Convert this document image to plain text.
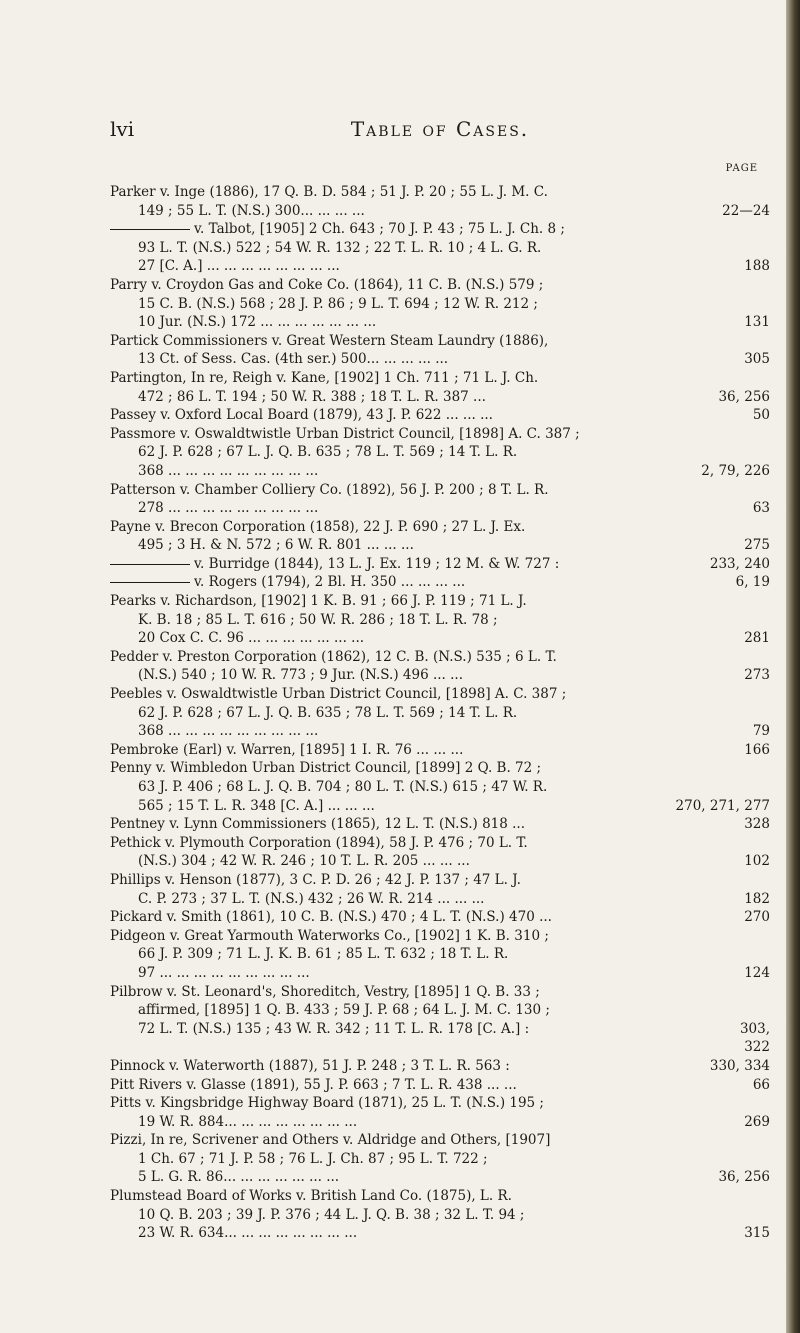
lvi	Table of Cases.
PAGE
Parker v. Inge (1886), 17 Q. B. D. 584 ; 51 J. P. 20 ; 55 L. J. M. C.
149 ; 55 L. T. (N.S.) 300... ... ... ...	22—24
v. Talbot, [1905] 2 Ch. 643 ; 70 J. P. 43 ; 75 L. J. Ch. 8 ;
93 L. T. (N.S.) 522 ; 54 W. R. 132 ; 22 T. L. R. 10 ; 4 L. G. R.
27 [C. A.] ... ... ... ... ... ... ... ...	188
Parry v. Croydon Gas and Coke Co. (1864), 11 C. B. (N.S.) 579 ;
15 C. B. (N.S.) 568 ; 28 J. P. 86 ; 9 L. T. 694 ; 12 W. R. 212 ;
10 Jur. (N.S.) 172 ... ... ... ... ... ... ...	131
Partick Commissioners v. Great Western Steam Laundry (1886),
13 Ct. of Sess. Cas. (4th ser.) 500... ... ... ... ...	305
Partington, In re, Reigh v. Kane, [1902] 1 Ch. 711 ; 71 L. J. Ch.
472 ; 86 L. T. 194 ; 50 W. R. 388 ; 18 T. L. R. 387 ...	36, 256
Passey v. Oxford Local Board (1879), 43 J. P. 622 ... ... ...	50
Passmore v. Oswaldtwistle Urban District Council, [1898] A. C. 387 ;
62 J. P. 628 ; 67 L. J. Q. B. 635 ; 78 L. T. 569 ; 14 T. L. R.
368 ... ... ... ... ... ... ... ... ...	2, 79, 226
Patterson v. Chamber Colliery Co. (1892), 56 J. P. 200 ; 8 T. L. R.
278 ... ... ... ... ... ... ... ... ...	63
Payne v. Brecon Corporation (1858), 22 J. P. 690 ; 27 L. J. Ex.
495 ; 3 H. & N. 572 ; 6 W. R. 801 ... ... ...	275
v. Burridge (1844), 13 L. J. Ex. 119 ; 12 M. & W. 727 :	233, 240
v. Rogers (1794), 2 Bl. H. 350 ... ... ... ...	6, 19
Pearks v. Richardson, [1902] 1 K. B. 91 ; 66 J. P. 119 ; 71 L. J.
K. B. 18 ; 85 L. T. 616 ; 50 W. R. 286 ; 18 T. L. R. 78 ;
20 Cox C. C. 96 ... ... ... ... ... ... ...	281
Pedder v. Preston Corporation (1862), 12 C. B. (N.S.) 535 ; 6 L. T.
(N.S.) 540 ; 10 W. R. 773 ; 9 Jur. (N.S.) 496 ... ...	273
Peebles v. Oswaldtwistle Urban District Council, [1898] A. C. 387 ;
62 J. P. 628 ; 67 L. J. Q. B. 635 ; 78 L. T. 569 ; 14 T. L. R.
368 ... ... ... ... ... ... ... ... ...	79
Pembroke (Earl) v. Warren, [1895] 1 I. R. 76 ... ... ...	166
Penny v. Wimbledon Urban District Council, [1899] 2 Q. B. 72 ;
63 J. P. 406 ; 68 L. J. Q. B. 704 ; 80 L. T. (N.S.) 615 ; 47 W. R.
565 ; 15 T. L. R. 348 [C. A.] ... ... ...	270, 271, 277
Pentney v. Lynn Commissioners (1865), 12 L. T. (N.S.) 818 ...	328
Pethick v. Plymouth Corporation (1894), 58 J. P. 476 ; 70 L. T.
(N.S.) 304 ; 42 W. R. 246 ; 10 T. L. R. 205 ... ... ...	102
Phillips v. Henson (1877), 3 C. P. D. 26 ; 42 J. P. 137 ; 47 L. J.
C. P. 273 ; 37 L. T. (N.S.) 432 ; 26 W. R. 214 ... ... ...	182
Pickard v. Smith (1861), 10 C. B. (N.S.) 470 ; 4 L. T. (N.S.) 470 ...	270
Pidgeon v. Great Yarmouth Waterworks Co., [1902] 1 K. B. 310 ;
66 J. P. 309 ; 71 L. J. K. B. 61 ; 85 L. T. 632 ; 18 T. L. R.
97 ... ... ... ... ... ... ... ... ...	124
Pilbrow v. St. Leonard's, Shoreditch, Vestry, [1895] 1 Q. B. 33 ;
affirmed, [1895] 1 Q. B. 433 ; 59 J. P. 68 ; 64 L. J. M. C. 130 ;
72 L. T. (N.S.) 135 ; 43 W. R. 342 ; 11 T. L. R. 178 [C. A.] :	303,
322
Pinnock v. Waterworth (1887), 51 J. P. 248 ; 3 T. L. R. 563 :	330, 334
Pitt Rivers v. Glasse (1891), 55 J. P. 663 ; 7 T. L. R. 438 ... ...	66
Pitts v. Kingsbridge Highway Board (1871), 25 L. T. (N.S.) 195 ;
19 W. R. 884... ... ... ... ... ... ... ...	269
Pizzi, In re, Scrivener and Others v. Aldridge and Others, [1907]
1 Ch. 67 ; 71 J. P. 58 ; 76 L. J. Ch. 87 ; 95 L. T. 722 ;
5 L. G. R. 86... ... ... ... ... ... ...	36, 256
Plumstead Board of Works v. British Land Co. (1875), L. R.
10 Q. B. 203 ; 39 J. P. 376 ; 44 L. J. Q. B. 38 ; 32 L. T. 94 ;
23 W. R. 634... ... ... ... ... ... ... ...	315
